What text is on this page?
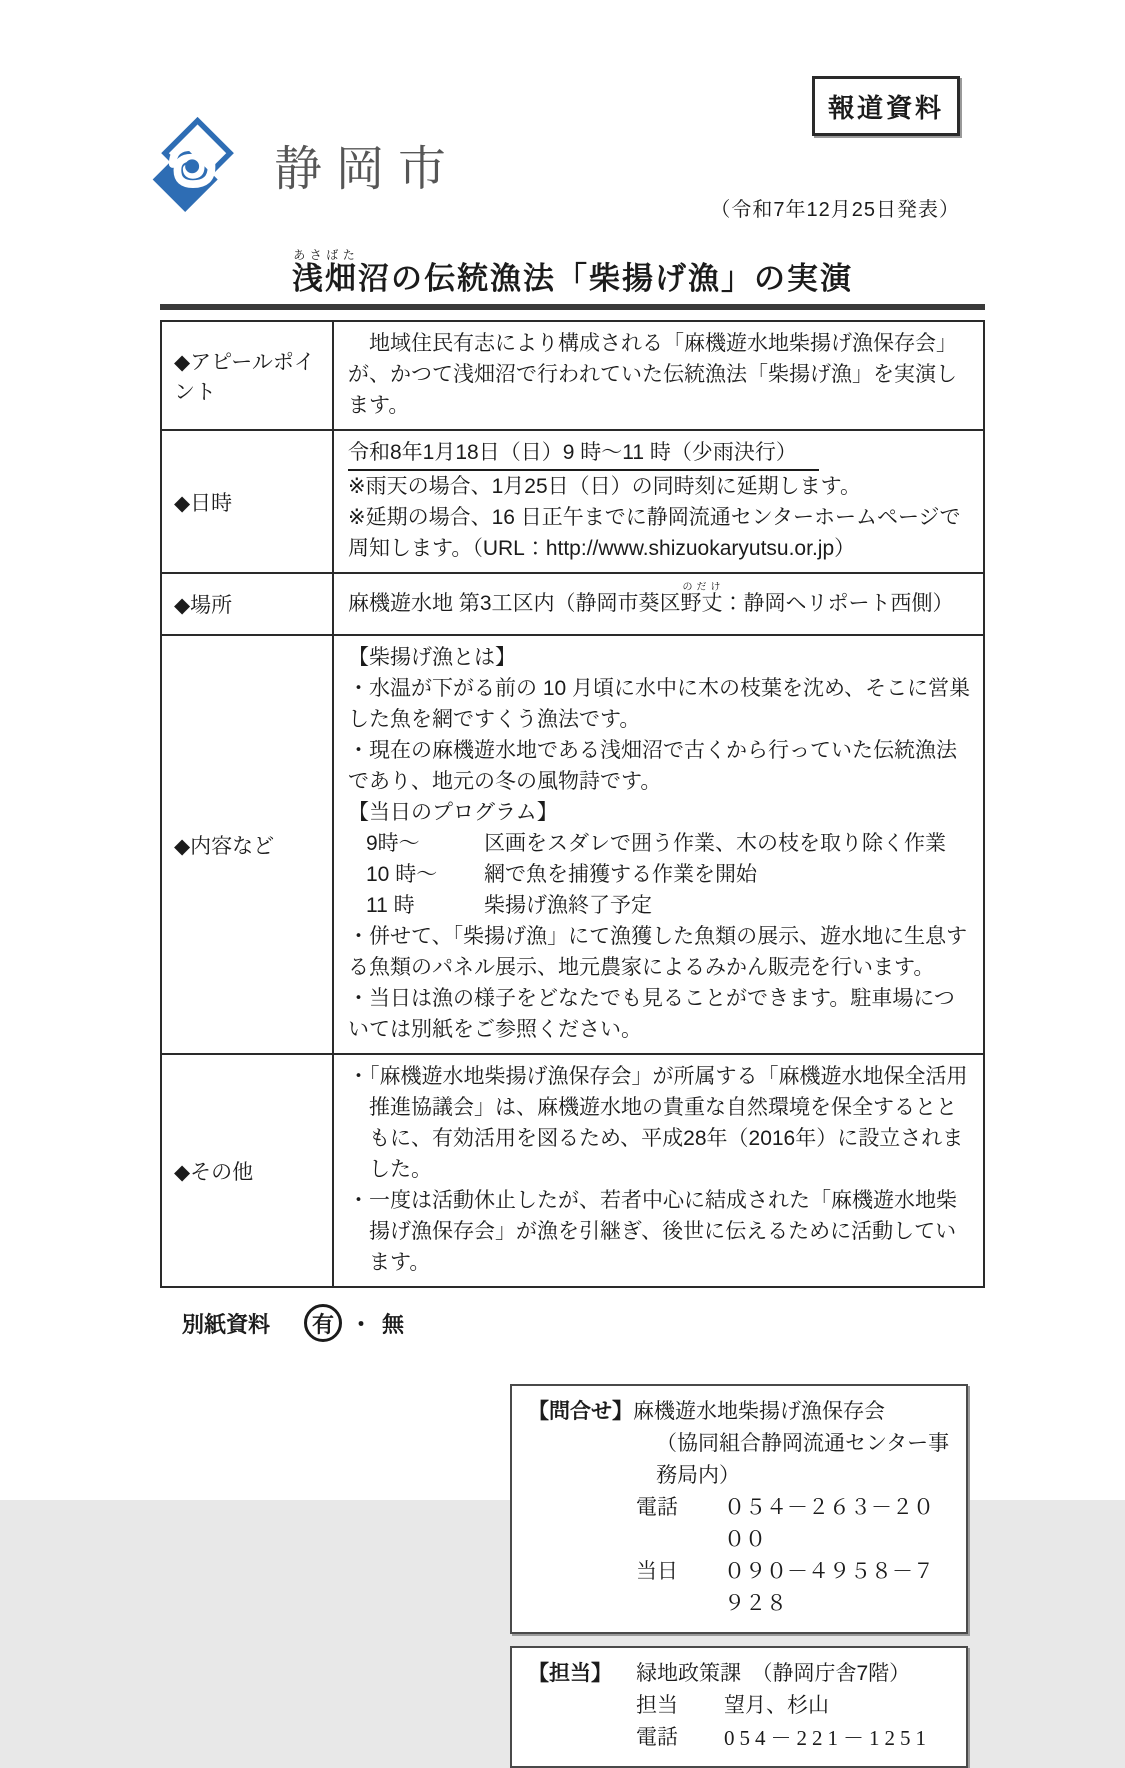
報道資料
静岡市
（令和7年12月25日発表）
浅畑あさばた沼の伝統漁法「柴揚げ漁」の実演
◆アピールポイント	地域住民有志により構成される「麻機遊水地柴揚げ漁保存会」が、かつて浅畑沼で行われていた伝統漁法「柴揚げ漁」を実演します。

◆日時	令和8年1月18日（日）9 時～11 時（少雨決行）
※雨天の場合、1月25日（日）の同時刻に延期します。
※延期の場合、16 日正午までに静岡流通センターホームページで周知します。（URL：http://www.shizuokaryutsu.or.jp）

◆場所	麻機遊水地 第3工区内（静岡市葵区野丈のだけ：静岡ヘリポート西側）
◆内容など	
【柴揚げ漁とは】
・水温が下がる前の 10 月頃に水中に木の枝葉を沈め、そこに営巣した魚を網ですくう漁法です。
・現在の麻機遊水地である浅畑沼で古くから行っていた伝統漁法であり、地元の冬の風物詩です。
【当日のプログラム】
9時～	区画をスダレで囲う作業、木の枝を取り除く作業
10 時～	網で魚を捕獲する作業を開始
11 時	柴揚げ漁終了予定
・併せて、「柴揚げ漁」にて漁獲した魚類の展示、遊水地に生息する魚類のパネル展示、地元農家によるみかん販売を行います。
・当日は漁の様子をどなたでも見ることができます。駐車場については別紙をご参照ください。

◆その他	・「麻機遊水地柴揚げ漁保存会」が所属する「麻機遊水地保全活用推進協議会」は、麻機遊水地の貴重な自然環境を保全するとともに、有効活用を図るため、平成28年（2016年）に設立されました。
・一度は活動休止したが、若者中心に結成された「麻機遊水地柴揚げ漁保存会」が漁を引継ぎ、後世に伝えるために活動しています。
別紙資料 有 ・ 無
【問合せ】 麻機遊水地柴揚げ漁保存会
（協同組合静岡流通センター事務局内）
電話	０５４－２６３－２０００
当日	０９０－４９５８－７９２８
【担当】 緑地政策課　（静岡庁舎7階）
担当	望月、杉山
電話	054－221－1251
